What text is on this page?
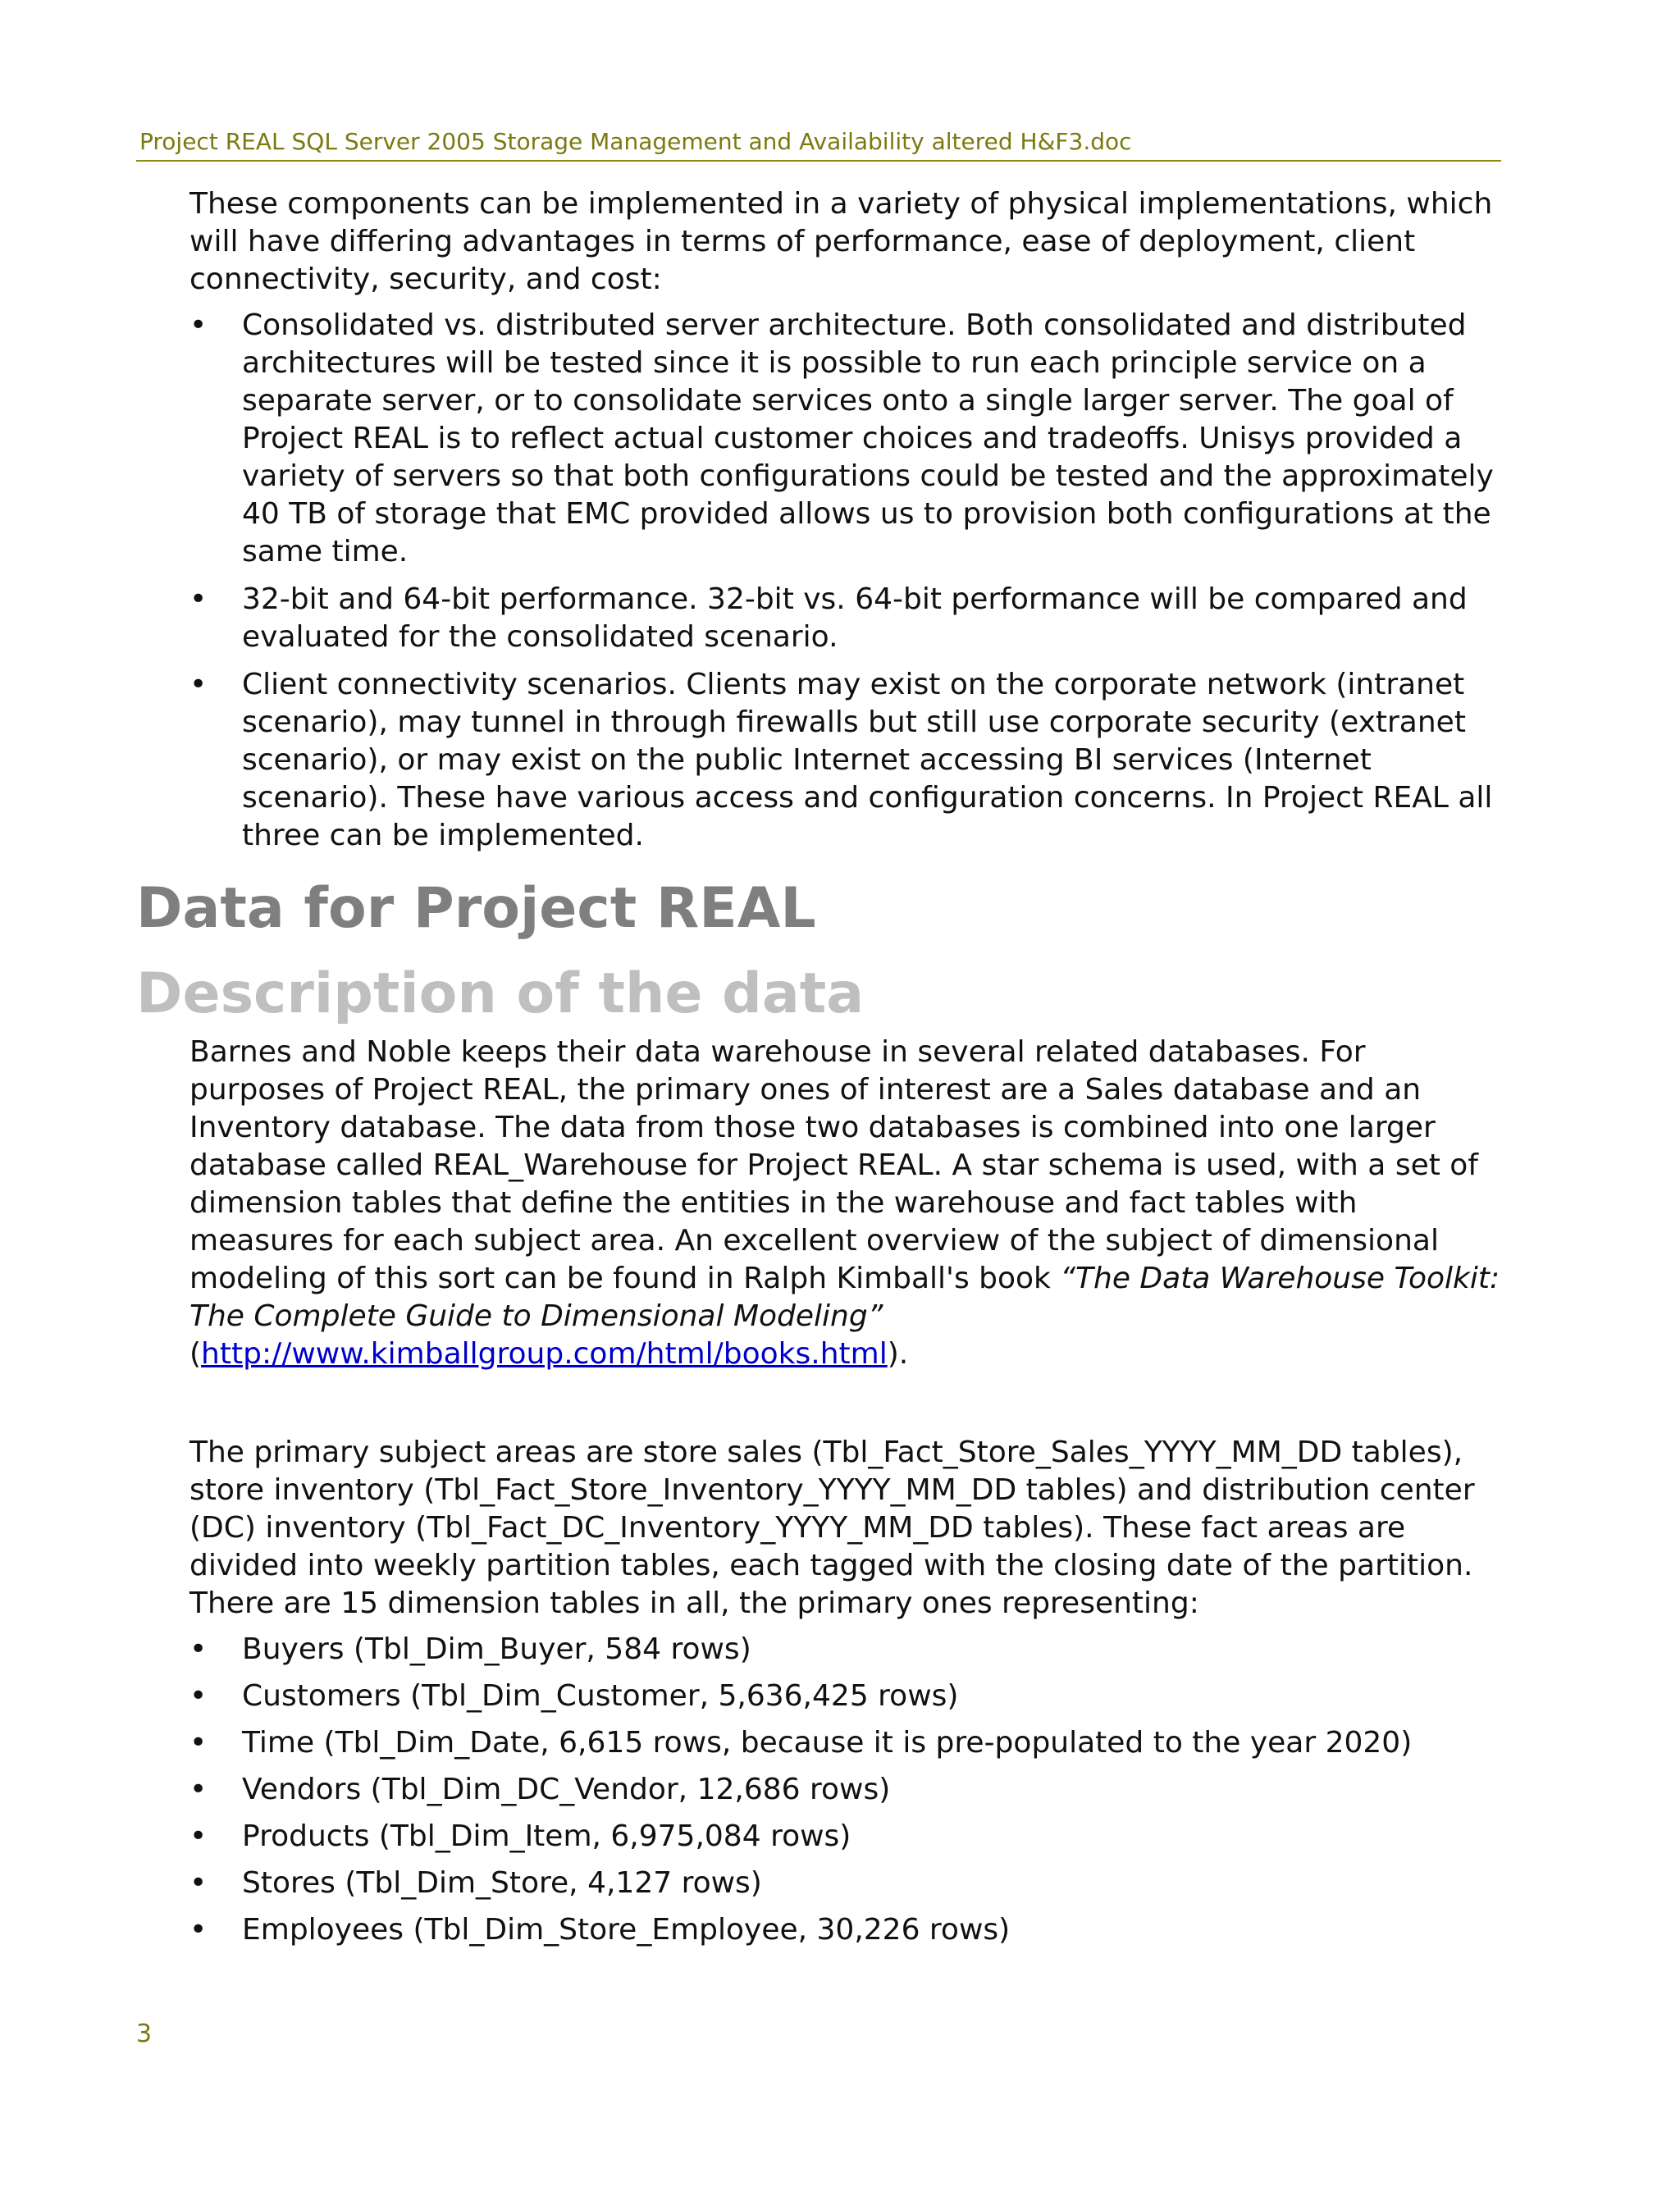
Project REAL SQL Server 2005 Storage Management and Availability altered H&F3.doc

These components can be implemented in a variety of physical implementations, which will have differing advantages in terms of performance, ease of deployment, client connectivity, security, and cost:

• Consolidated vs. distributed server architecture. Both consolidated and distributed architectures will be tested since it is possible to run each principle service on a separate server, or to consolidate services onto a single larger server. The goal of Project REAL is to reflect actual customer choices and tradeoffs. Unisys provided a variety of servers so that both configurations could be tested and the approximately 40 TB of storage that EMC provided allows us to provision both configurations at the same time.
• 32-bit and 64-bit performance. 32-bit vs. 64-bit performance will be compared and evaluated for the consolidated scenario.
• Client connectivity scenarios. Clients may exist on the corporate network (intranet scenario), may tunnel in through firewalls but still use corporate security (extranet scenario), or may exist on the public Internet accessing BI services (Internet scenario). These have various access and configuration concerns. In Project REAL all three can be implemented.
Data for Project REAL
Description of the data

Barnes and Noble keeps their data warehouse in several related databases. For purposes of Project REAL, the primary ones of interest are a Sales database and an Inventory database. The data from those two databases is combined into one larger database called REAL_Warehouse for Project REAL. A star schema is used, with a set of dimension tables that define the entities in the warehouse and fact tables with measures for each subject area. An excellent overview of the subject of dimensional modeling of this sort can be found in Ralph Kimball's book “The Data Warehouse Toolkit: The Complete Guide to Dimensional Modeling”
(http://www.kimballgroup.com/html/books.html).

The primary subject areas are store sales (Tbl_Fact_Store_Sales_YYYY_MM_DD tables), store inventory (Tbl_Fact_Store_Inventory_YYYY_MM_DD tables) and distribution center (DC) inventory (Tbl_Fact_DC_Inventory_YYYY_MM_DD tables). These fact areas are divided into weekly partition tables, each tagged with the closing date of the partition. There are 15 dimension tables in all, the primary ones representing:

• Buyers (Tbl_Dim_Buyer, 584 rows)
• Customers (Tbl_Dim_Customer, 5,636,425 rows)
• Time (Tbl_Dim_Date, 6,615 rows, because it is pre-populated to the year 2020)
• Vendors (Tbl_Dim_DC_Vendor, 12,686 rows)
• Products (Tbl_Dim_Item, 6,975,084 rows)
• Stores (Tbl_Dim_Store, 4,127 rows)
• Employees (Tbl_Dim_Store_Employee, 30,226 rows)
3
